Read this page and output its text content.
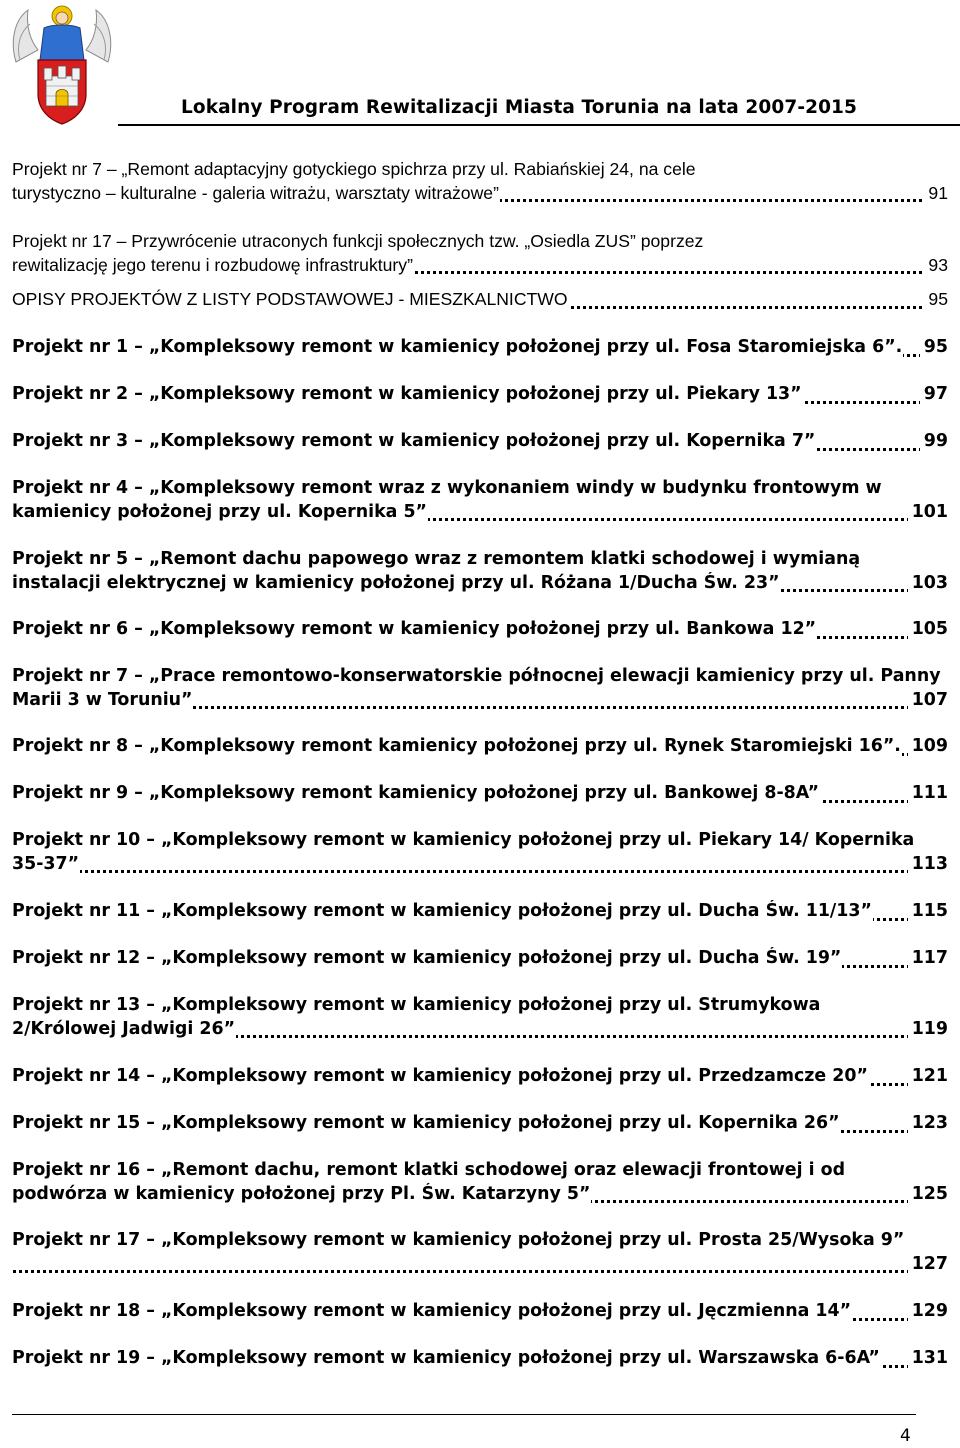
Lokalny Program Rewitalizacji Miasta Torunia na lata 2007-2015
Projekt nr 7 – „Remont adaptacyjny gotyckiego spichrza przy ul. Rabiańskiej 24, na cele
turystyczno – kulturalne - galeria witrażu, warsztaty witrażowe”	91
Projekt nr 17 – Przywrócenie utraconych funkcji społecznych tzw. „Osiedla ZUS” poprzez
rewitalizację jego terenu i rozbudowę infrastruktury”	93
OPISY PROJEKTÓW Z LISTY PODSTAWOWEJ - MIESZKALNICTWO	95
Projekt nr 1 – „Kompleksowy remont w kamienicy położonej przy ul. Fosa Staromiejska 6”. 95
Projekt nr 2 – „Kompleksowy remont w kamienicy położonej przy ul. Piekary 13”	97
Projekt nr 3 – „Kompleksowy remont w kamienicy położonej przy ul. Kopernika 7”	99
Projekt nr 4 – „Kompleksowy remont wraz z wykonaniem windy w budynku frontowym w
kamienicy położonej przy ul. Kopernika 5”	101
Projekt nr 5 – „Remont dachu papowego wraz z remontem klatki schodowej i wymianą
instalacji elektrycznej w kamienicy położonej przy ul. Różana 1/Ducha Św. 23”	103
Projekt nr 6 – „Kompleksowy remont w kamienicy położonej przy ul. Bankowa 12”	105
Projekt nr 7 – „Prace remontowo-konserwatorskie północnej elewacji kamienicy przy ul. Panny
Marii 3 w Toruniu”	107
Projekt nr 8 – „Kompleksowy remont kamienicy położonej przy ul. Rynek Staromiejski 16”. 109
Projekt nr 9 – „Kompleksowy remont kamienicy położonej przy ul. Bankowej 8-8A”	111
Projekt nr 10 – „Kompleksowy remont w kamienicy położonej przy ul. Piekary 14/ Kopernika
35-37”	113
Projekt nr 11 – „Kompleksowy remont w kamienicy położonej przy ul. Ducha Św. 11/13” 115
Projekt nr 12 – „Kompleksowy remont w kamienicy położonej przy ul. Ducha Św. 19”	117
Projekt nr 13 – „Kompleksowy remont w kamienicy położonej przy ul. Strumykowa
2/Królowej Jadwigi 26”	119
Projekt nr 14 – „Kompleksowy remont w kamienicy położonej przy ul. Przedzamcze 20”	121
Projekt nr 15 – „Kompleksowy remont w kamienicy położonej przy ul. Kopernika 26”	123
Projekt nr 16 – „Remont dachu, remont klatki schodowej oraz elewacji frontowej i od
podwórza w kamienicy położonej przy Pl. Św. Katarzyny 5”	125
Projekt nr 17 – „Kompleksowy remont w kamienicy położonej przy ul. Prosta 25/Wysoka 9”
127
Projekt nr 18 – „Kompleksowy remont w kamienicy położonej przy ul. Jęczmienna 14”	129
Projekt nr 19 – „Kompleksowy remont w kamienicy położonej przy ul. Warszawska 6-6A” 131
4
